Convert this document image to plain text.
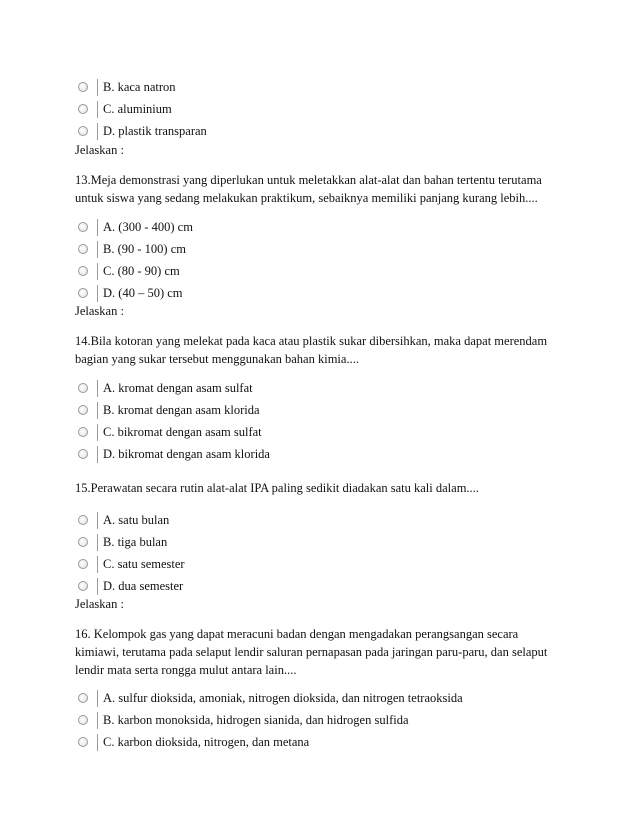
B. kaca natron
C. aluminium
D. plastik transparan
Jelaskan :
13.Meja demonstrasi yang diperlukan untuk meletakkan alat-alat dan bahan tertentu terutama
untuk siswa yang sedang melakukan praktikum, sebaiknya memiliki panjang kurang lebih....
A. (300 - 400) cm
B. (90 - 100) cm
C. (80 - 90) cm
D. (40 – 50) cm
Jelaskan :
14.Bila kotoran yang melekat pada kaca atau plastik sukar dibersihkan, maka dapat merendam
bagian yang sukar tersebut menggunakan bahan kimia....
A. kromat dengan asam sulfat
B. kromat dengan asam klorida
C. bikromat dengan asam sulfat
D. bikromat dengan asam klorida
15.Perawatan secara rutin alat-alat IPA paling sedikit diadakan satu kali dalam....
A. satu bulan
B. tiga bulan
C. satu semester
D. dua semester
Jelaskan :
16. Kelompok gas yang dapat meracuni badan dengan mengadakan perangsangan secara
kimiawi, terutama pada selaput lendir saluran pernapasan pada jaringan paru-paru, dan selaput
lendir mata serta rongga mulut antara lain....
A. sulfur dioksida, amoniak, nitrogen dioksida, dan nitrogen tetraoksida
B. karbon monoksida, hidrogen sianida, dan hidrogen sulfida
C. karbon dioksida, nitrogen, dan metana
